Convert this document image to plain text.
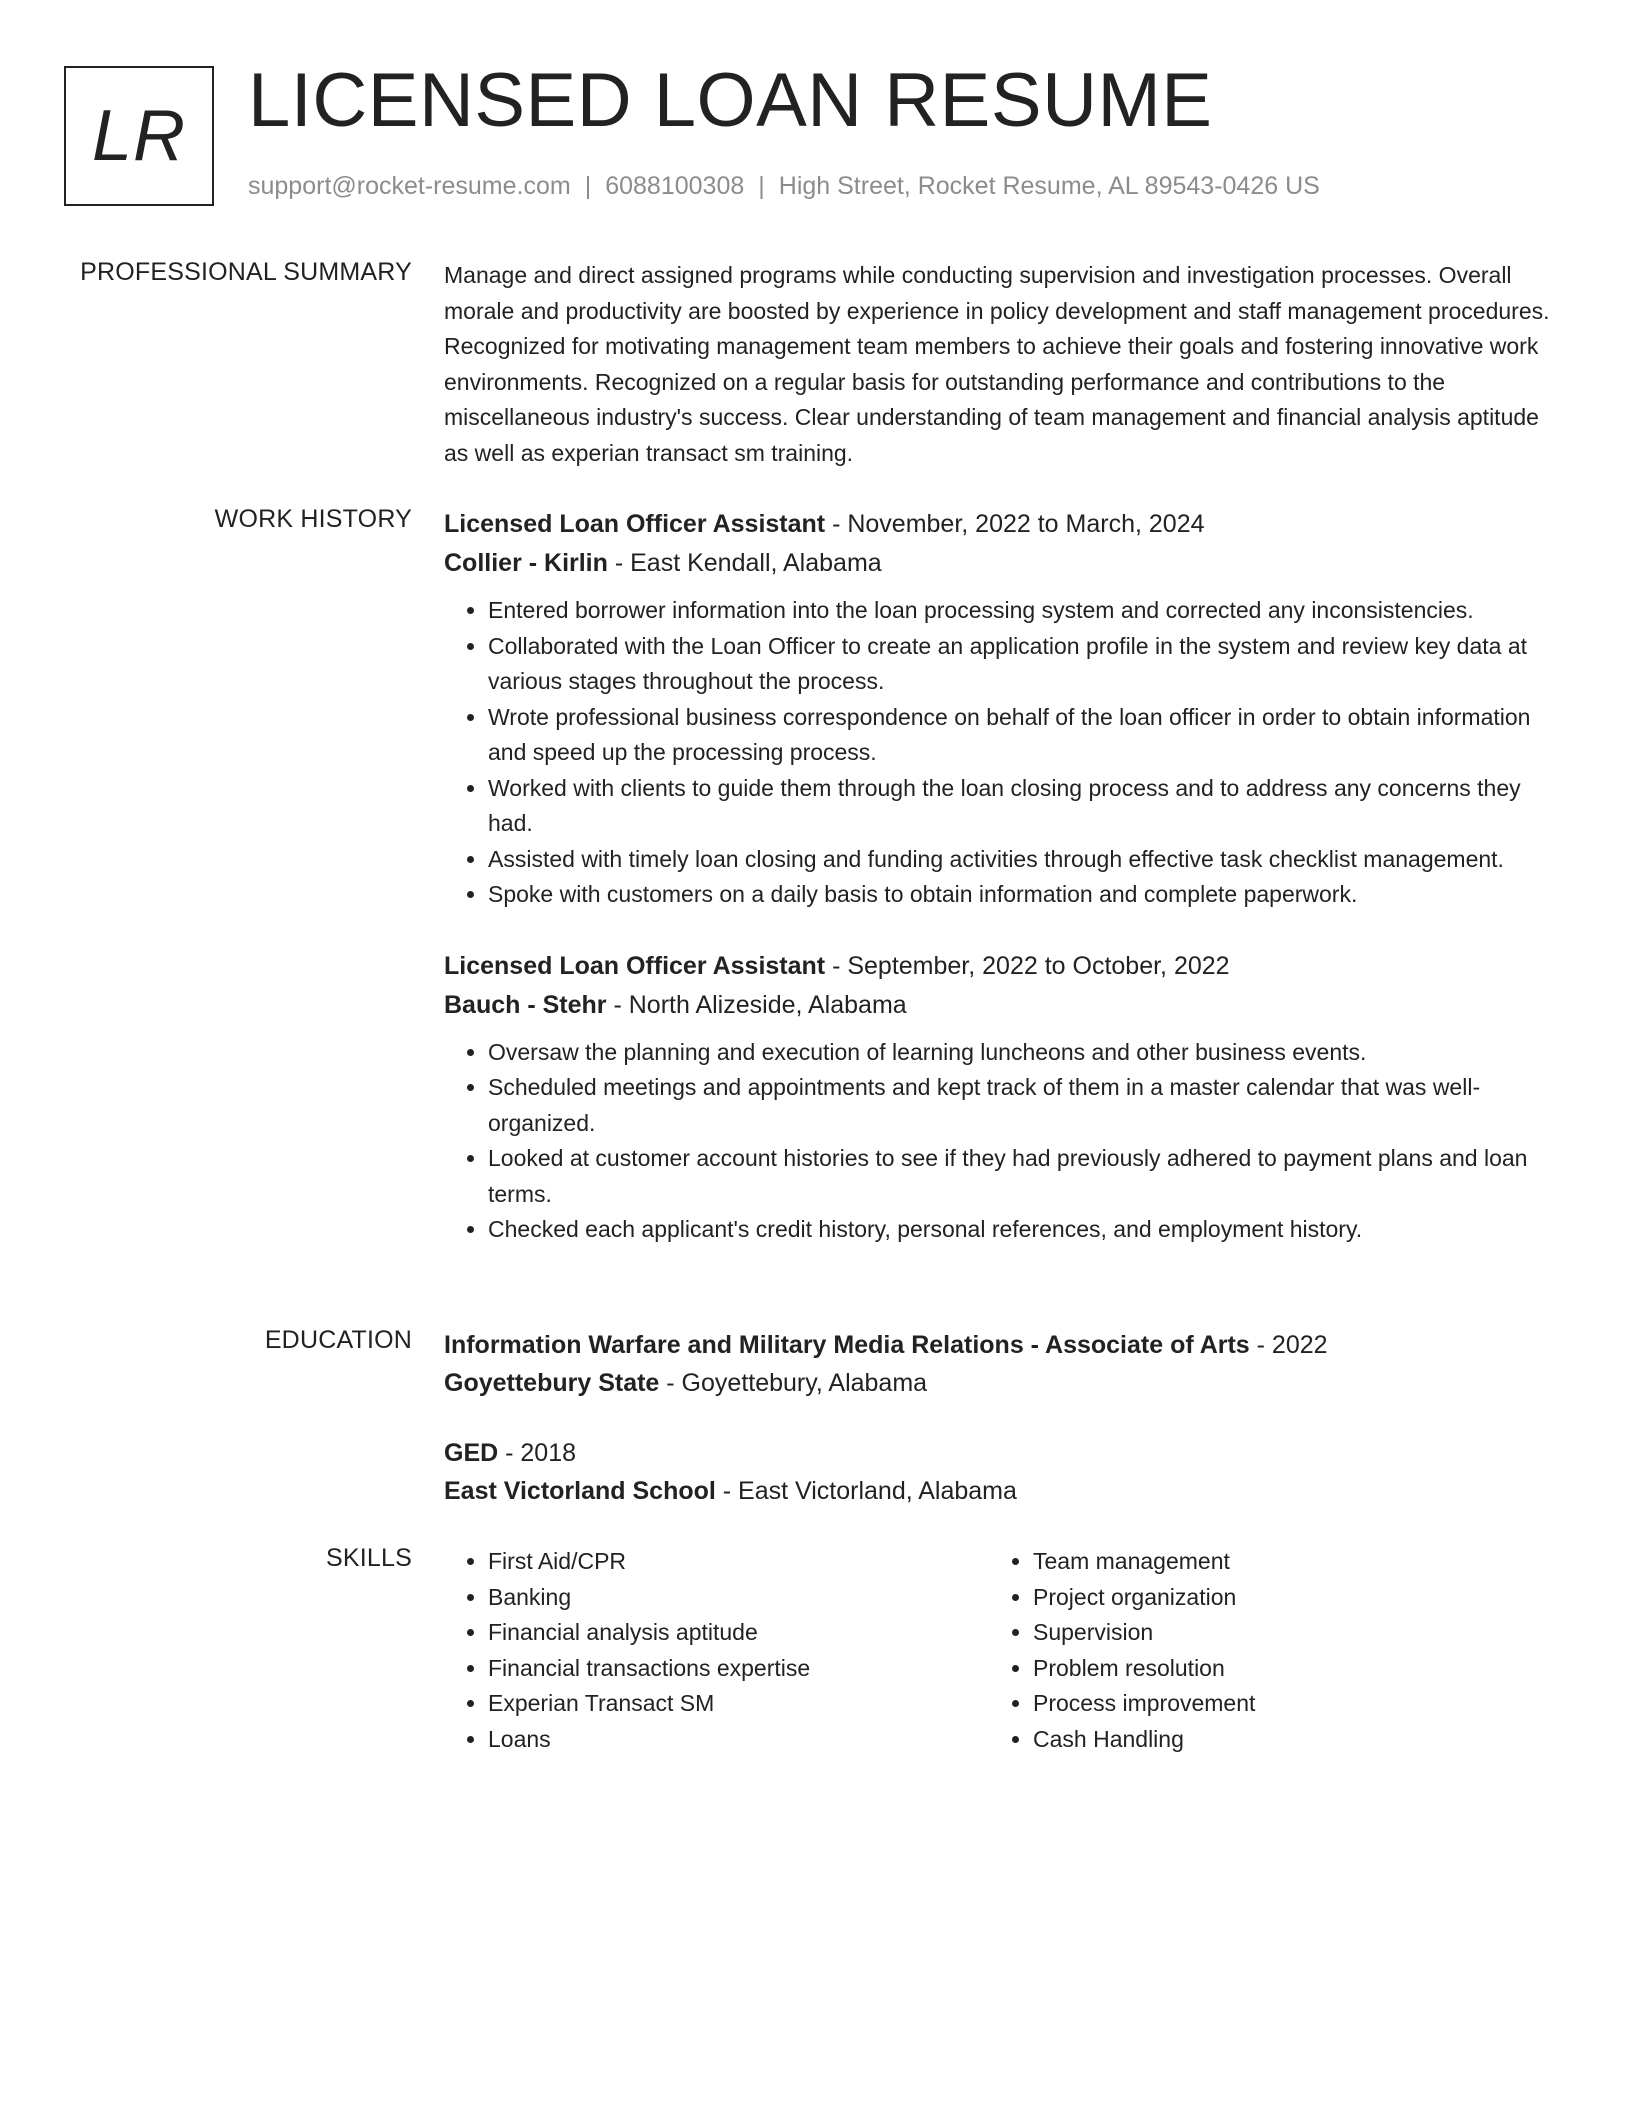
LR LICENSED LOAN RESUME
support@rocket-resume.com | 6088100308 | High Street, Rocket Resume, AL 89543-0426 US
PROFESSIONAL SUMMARY Manage and direct assigned programs while conducting supervision and investigation processes. Overall morale and productivity are boosted by experience in policy development and staff management procedures. Recognized for motivating management team members to achieve their goals and fostering innovative work environments. Recognized on a regular basis for outstanding performance and contributions to the miscellaneous industry's success. Clear understanding of team management and financial analysis aptitude as well as experian transact sm training.

WORK HISTORY Licensed Loan Officer Assistant - November, 2022 to March, 2024
Collier - Kirlin - East Kendall, Alabama
• Entered borrower information into the loan processing system and corrected any inconsistencies.
• Collaborated with the Loan Officer to create an application profile in the system and review key data at various stages throughout the process.
• Wrote professional business correspondence on behalf of the loan officer in order to obtain information and speed up the processing process.
• Worked with clients to guide them through the loan closing process and to address any concerns they had.
• Assisted with timely loan closing and funding activities through effective task checklist management.
• Spoke with customers on a daily basis to obtain information and complete paperwork.
Licensed Loan Officer Assistant - September, 2022 to October, 2022
Bauch - Stehr - North Alizeside, Alabama
• Oversaw the planning and execution of learning luncheons and other business events.
• Scheduled meetings and appointments and kept track of them in a master calendar that was well-organized.
• Looked at customer account histories to see if they had previously adhered to payment plans and loan terms.
• Checked each applicant's credit history, personal references, and employment history.
EDUCATION Information Warfare and Military Media Relations - Associate of Arts - 2022
Goyettebury State - Goyettebury, Alabama
GED - 2018
East Victorland School - East Victorland, Alabama
SKILLS
•	First Aid/CPR
• Banking
• Financial analysis aptitude
• Financial transactions expertise
• Experian Transact SM
• Loans
• Team management
• Project organization
• Supervision
• Problem resolution
• Process improvement
• Cash Handling
